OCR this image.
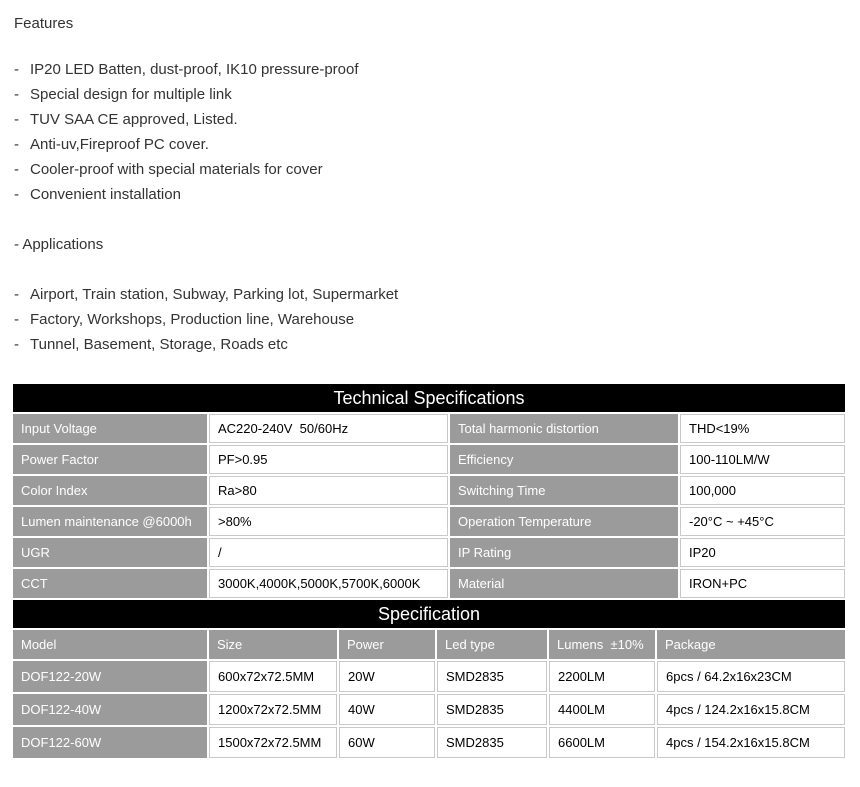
Features
- IP20 LED Batten, dust-proof, IK10 pressure-proof
- Special design for multiple link
- TUV SAA CE approved, Listed.
- Anti-uv,Fireproof PC cover.
- Cooler-proof with special materials for cover
- Convenient installation
- Applications
- Airport, Train station, Subway, Parking lot, Supermarket
- Factory, Workshops, Production line, Warehouse
- Tunnel, Basement, Storage, Roads etc
Technical Specifications
Input Voltage	AC220-240V  50/60Hz	Total harmonic distortion	THD<19%
Power Factor	PF>0.95	Efficiency	100-110LM/W
Color Index	Ra>80	Switching Time	100,000
Lumen maintenance @6000h	>80%	Operation Temperature	-20°C ~ +45°C
UGR	/	IP Rating	IP20
CCT	3000K,4000K,5000K,5700K,6000K	Material	IRON+PC
Specification
Model	Size	Power	Led type	Lumens  ±10%	Package
DOF122-20W	600x72x72.5MM	20W	SMD2835	2200LM	6pcs / 64.2x16x23CM
DOF122-40W	1200x72x72.5MM	40W	SMD2835	4400LM	4pcs / 124.2x16x15.8CM
DOF122-60W	1500x72x72.5MM	60W	SMD2835	6600LM	4pcs / 154.2x16x15.8CM
